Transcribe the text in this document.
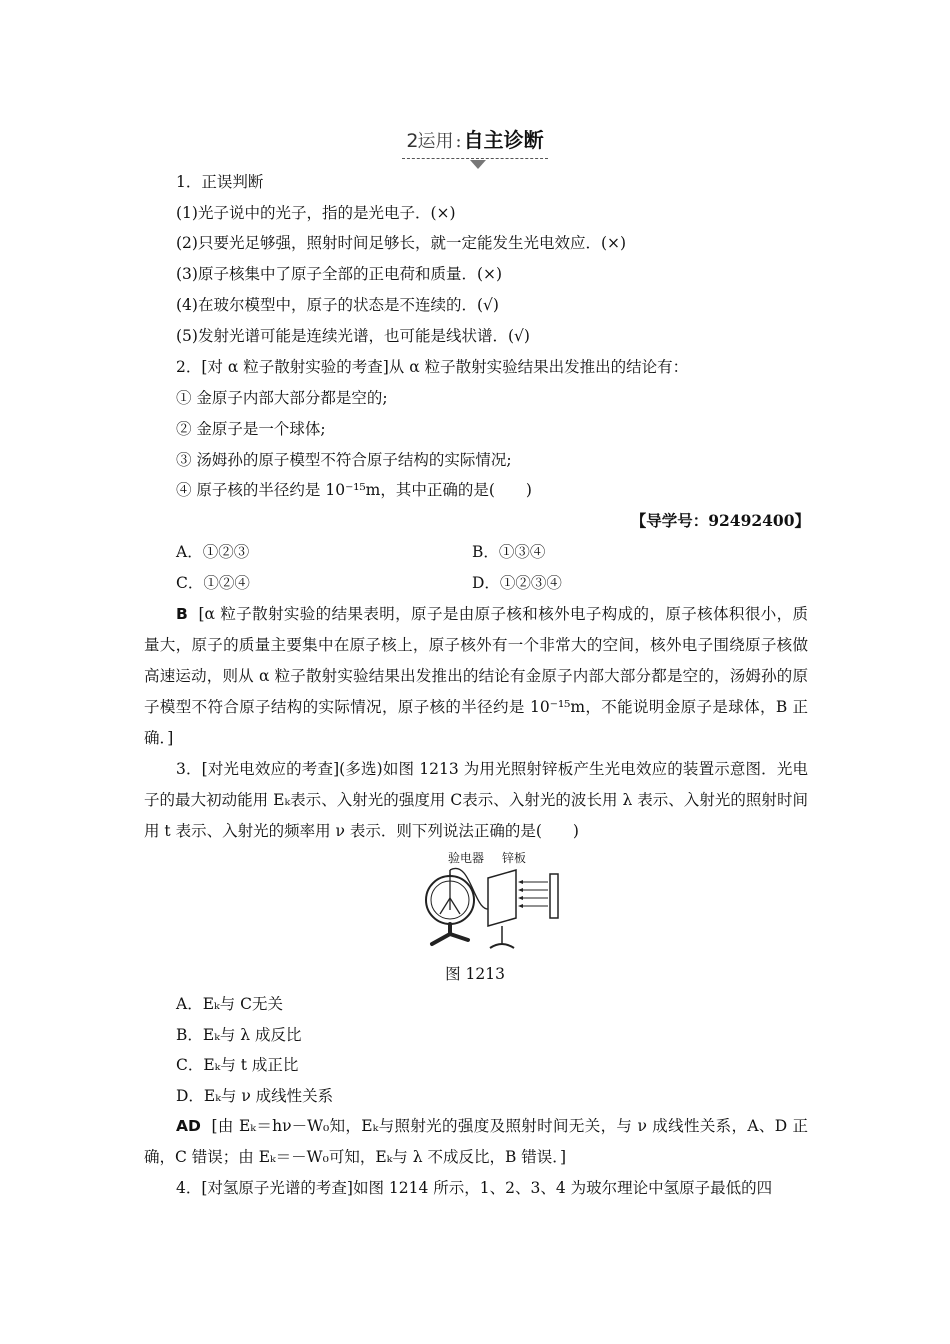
2运用 : 自主诊断
1．正误判断
(1)光子说中的光子，指的是光电子．(×)
(2)只要光足够强，照射时间足够长，就一定能发生光电效应．(×)
(3)原子核集中了原子全部的正电荷和质量．(×)
(4)在玻尔模型中，原子的状态是不连续的．(√)
(5)发射光谱可能是连续光谱，也可能是线状谱．(√)
2．[对 α 粒子散射实验的考查]从 α 粒子散射实验结果出发推出的结论有：
① 金原子内部大部分都是空的;
② 金原子是一个球体;
③ 汤姆孙的原子模型不符合原子结构的实际情况;
④ 原子核的半径约是 10⁻¹⁵m，其中正确的是(　　)
【导学号：92492400】
A．①②③	B．①③④
C．①②④	D．①②③④
B [α 粒子散射实验的结果表明，原子是由原子核和核外电子构成的，原子核体积很小，质量大，原子的质量主要集中在原子核上，原子核外有一个非常大的空间，核外电子围绕原子核做高速运动，则从 α 粒子散射实验结果出发推出的结论有金原子内部大部分都是空的，汤姆孙的原子模型不符合原子结构的实际情况，原子核的半径约是 10⁻¹⁵m，不能说明金原子是球体，B 正确．]
3．[对光电效应的考查](多选)如图 1213 为用光照射锌板产生光电效应的装置示意图．光电子的最大初动能用 Eₖ表示、入射光的强度用 C表示、入射光的波长用 λ 表示、入射光的照射时间用 t 表示、入射光的频率用 ν 表示．则下列说法正确的是(　　)
验电器 锌板
图 1213
A．Eₖ与 C无关
B．Eₖ与 λ 成反比
C．Eₖ与 t 成正比
D．Eₖ与 ν 成线性关系
AD [由 Eₖ＝hν－W₀知，Eₖ与照射光的强度及照射时间无关，与 ν 成线性关系，A、D 正确，C 错误；由 Eₖ＝－W₀可知，Eₖ与 λ 不成反比，B 错误．]
4．[对氢原子光谱的考查]如图 1214 所示，1、2、3、4 为玻尔理论中氢原子最低的四
